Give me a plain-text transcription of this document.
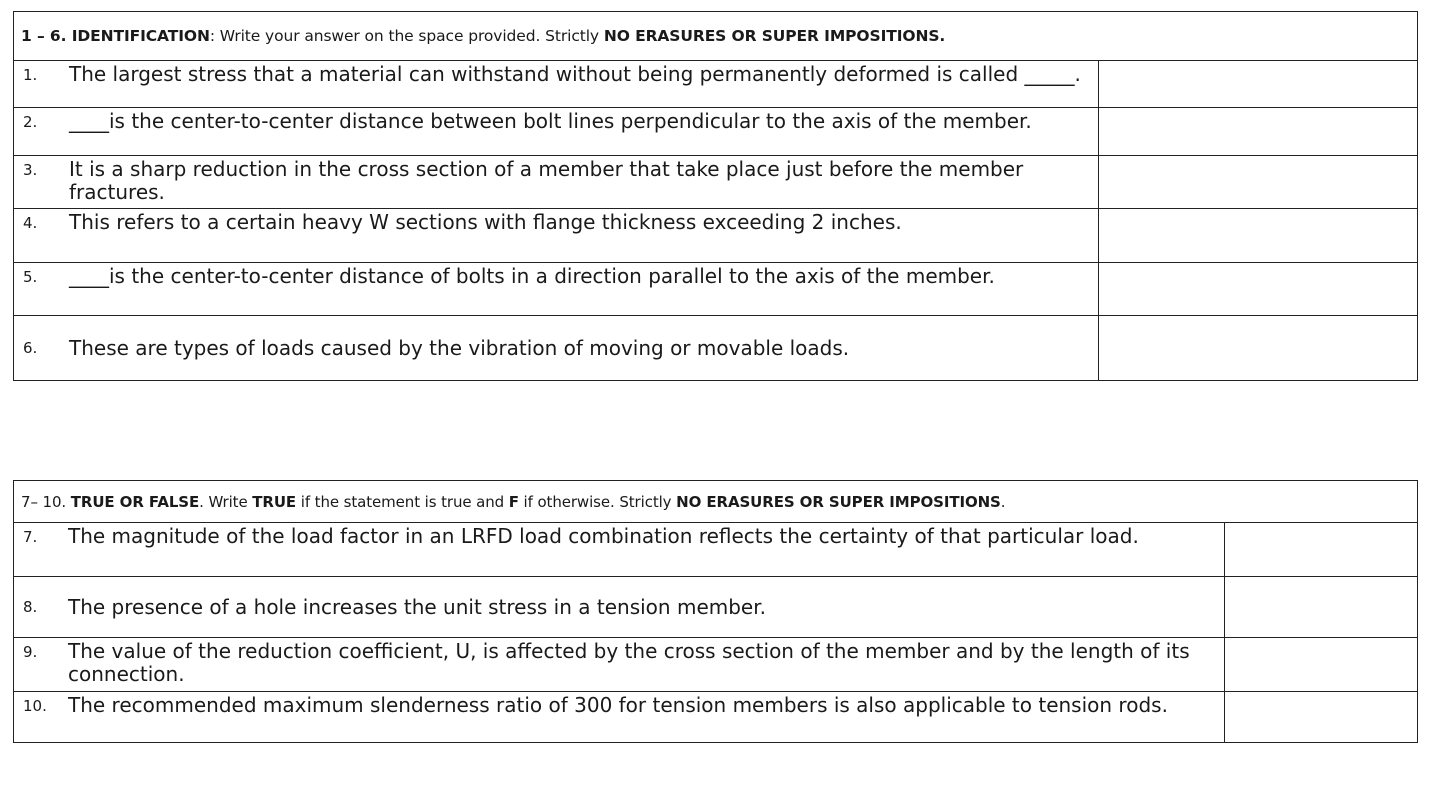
1 – 6. IDENTIFICATION: Write your answer on the space provided. Strictly NO ERASURES OR SUPER IMPOSITIONS.
1.	The largest stress that a material can withstand without being permanently deformed is called _____.
2.	____is the center-to-center distance between bolt lines perpendicular to the axis of the member.
3.	It is a sharp reduction in the cross section of a member that take place just before the member fractures.
4.	This refers to a certain heavy W sections with flange thickness exceeding 2 inches.
5.	____is the center-to-center distance of bolts in a direction parallel to the axis of the member.
6.	These are types of loads caused by the vibration of moving or movable loads.
7– 10. TRUE OR FALSE. Write TRUE if the statement is true and F if otherwise. Strictly NO ERASURES OR SUPER IMPOSITIONS.
7.	The magnitude of the load factor in an LRFD load combination reflects the certainty of that particular load.
8.	The presence of a hole increases the unit stress in a tension member.
9.	The value of the reduction coefficient, U, is affected by the cross section of the member and by the length of its connection.
10.	The recommended maximum slenderness ratio of 300 for tension members is also applicable to tension rods.
